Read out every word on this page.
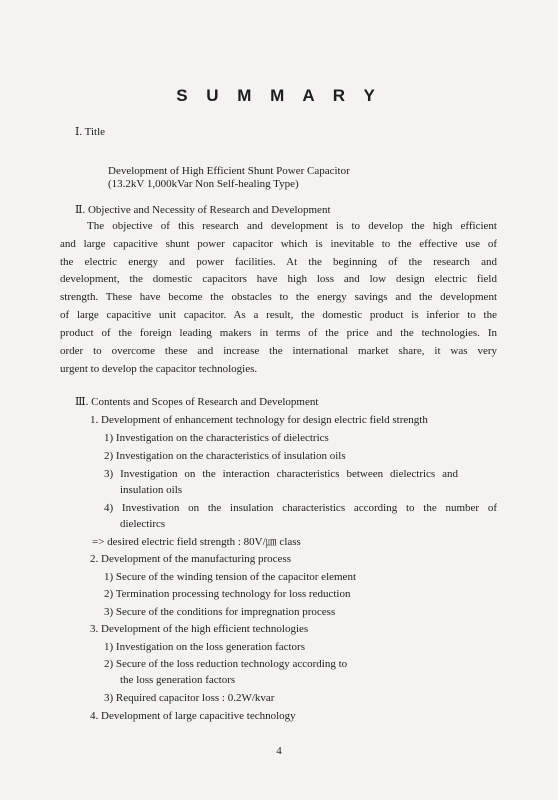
S U M M A R Y
Ⅰ. Title
Development of High Efficient Shunt Power Capacitor
(13.2kV 1,000kVar Non Self-healing Type)
Ⅱ. Objective and Necessity of Research and Development
The objective of this research and development is to develop the high efficient
and large capacitive shunt power capacitor which is inevitable to the effective use of
the electric energy and power facilities. At the beginning of the research and
development, the domestic capacitors have high loss and low design electric field
strength. These have become the obstacles to the energy savings and the development
of large capacitive unit capacitor. As a result, the domestic product is inferior to the
product of the foreign leading makers in terms of the price and the technologies. In
order to overcome these and increase the international market share, it was very
urgent to develop the capacitor technologies.
Ⅲ. Contents and Scopes of Research and Development
1. Development of enhancement technology for design electric field strength
1) Investigation on the characteristics of dielectrics
2) Investigation on the characteristics of insulation oils
3) Investigation on the interaction characteristics between dielectrics and
insulation oils
4) Investivation on the insulation characteristics according to the number of
dielectircs
=> desired electric field strength : 80V/㎛ class
2. Development of the manufacturing process
1) Secure of the winding tension of the capacitor element
2) Termination processing technology for loss reduction
3) Secure of the conditions for impregnation process
3. Development of the high efficient technologies
1) Investigation on the loss generation factors
2) Secure of the loss reduction technology according to
the loss generation factors
3) Required capacitor loss : 0.2W/kvar
4. Development of large capacitive technology
4
